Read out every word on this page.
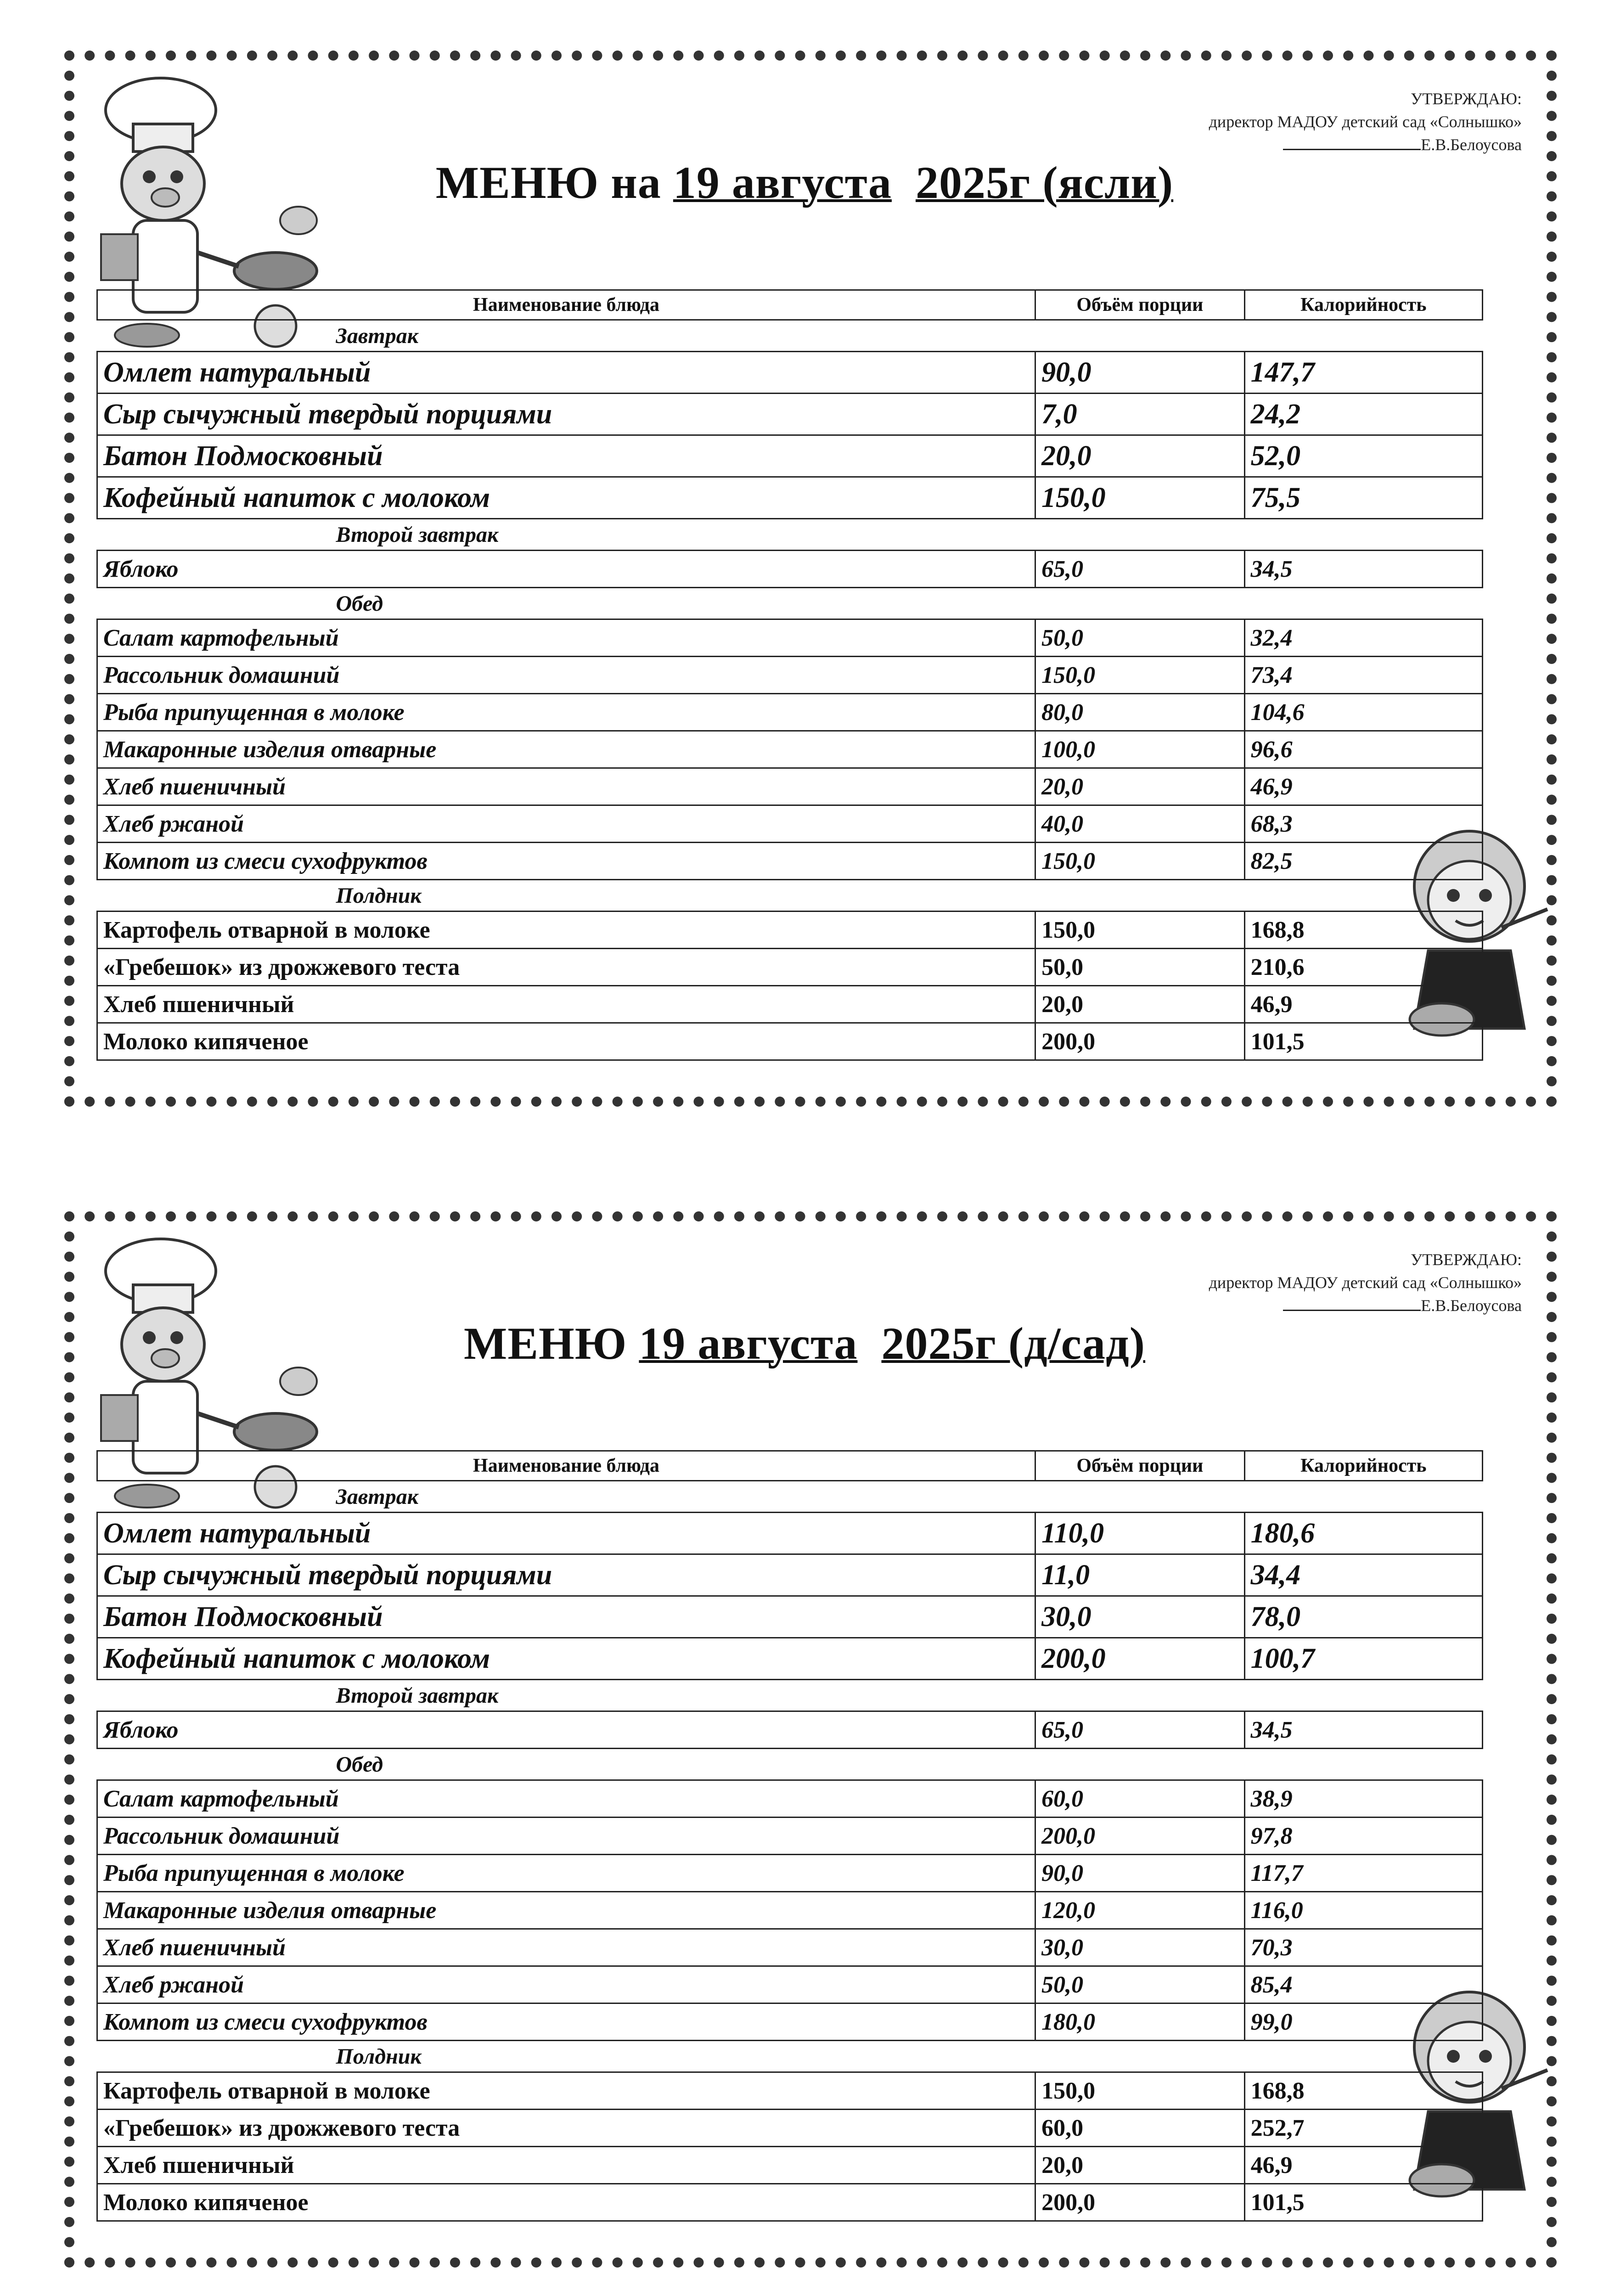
УТВЕРЖДАЮ:
директор МАДОУ детский сад «Солнышко»
Е.В.Белоусова
МЕНЮ на 19 августа 2025г (ясли)
Наименование блюда	Объём порции	Калорийность
Завтрак		
Омлет натуральный	90,0	147,7
Сыр сычужный твердый порциями	7,0	24,2
Батон Подмосковный	20,0	52,0
Кофейный напиток с молоком	150,0	75,5
Второй завтрак		
Яблоко	65,0	34,5
Обед		
Салат картофельный	50,0	32,4
Рассольник домашний	150,0	73,4
Рыба припущенная в молоке	80,0	104,6
Макаронные изделия отварные	100,0	96,6
Хлеб пшеничный	20,0	46,9
Хлеб ржаной	40,0	68,3
Компот из смеси сухофруктов	150,0	82,5
Полдник		
Картофель отварной в молоке	150,0	168,8
«Гребешок» из дрожжевого теста	50,0	210,6
Хлеб пшеничный	20,0	46,9
Молоко кипяченое	200,0	101,5
УТВЕРЖДАЮ:
директор МАДОУ детский сад «Солнышко»
Е.В.Белоусова
МЕНЮ 19 августа 2025г (д/сад)
Наименование блюда	Объём порции	Калорийность
Завтрак		
Омлет натуральный	110,0	180,6
Сыр сычужный твердый порциями	11,0	34,4
Батон Подмосковный	30,0	78,0
Кофейный напиток с молоком	200,0	100,7
Второй завтрак		
Яблоко	65,0	34,5
Обед		
Салат картофельный	60,0	38,9
Рассольник домашний	200,0	97,8
Рыба припущенная в молоке	90,0	117,7
Макаронные изделия отварные	120,0	116,0
Хлеб пшеничный	30,0	70,3
Хлеб ржаной	50,0	85,4
Компот из смеси сухофруктов	180,0	99,0
Полдник		
Картофель отварной в молоке	150,0	168,8
«Гребешок» из дрожжевого теста	60,0	252,7
Хлеб пшеничный	20,0	46,9
Молоко кипяченое	200,0	101,5
